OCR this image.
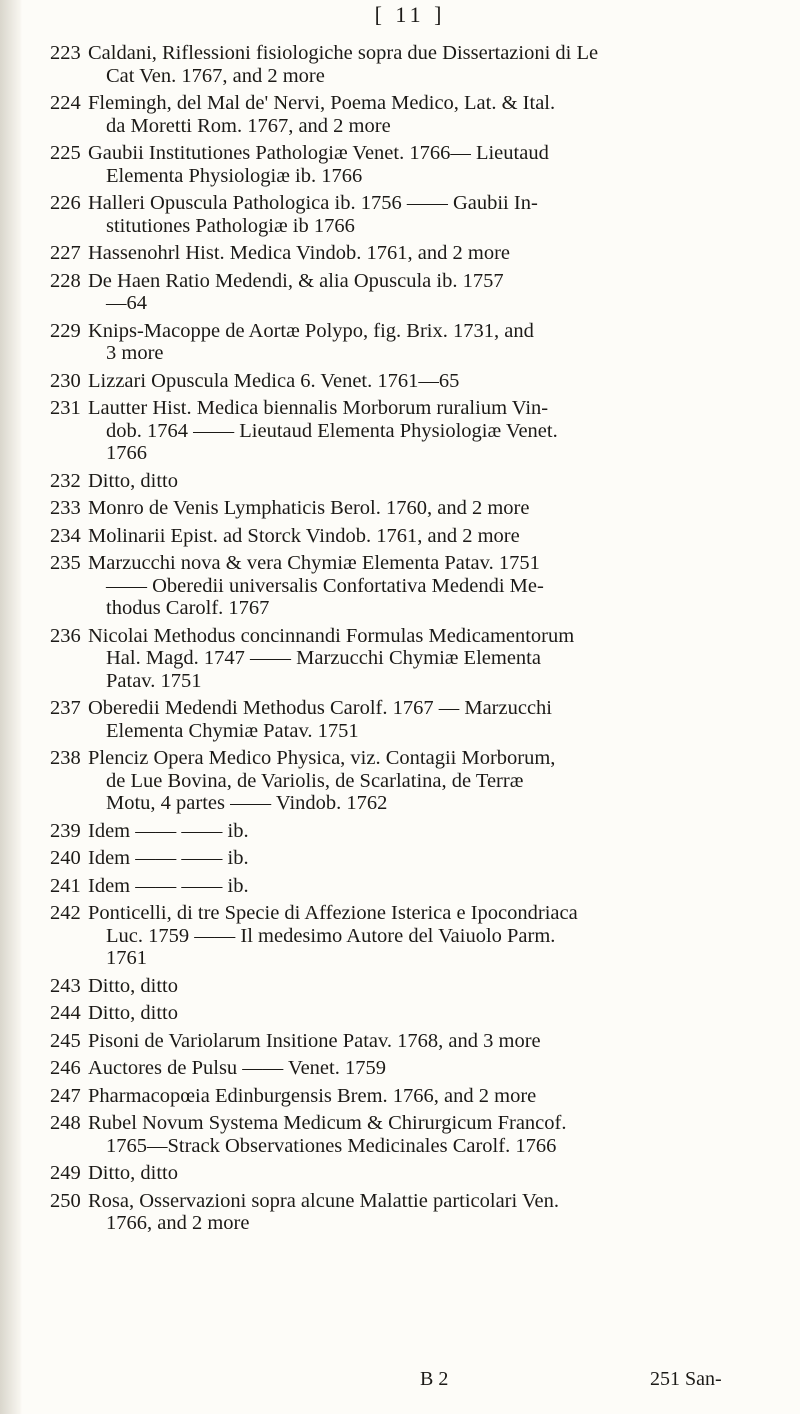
[ 11 ]
223 Caldani, Riflessioni fisiologiche sopra due Dissertazioni di Le
Cat Ven. 1767, and 2 more
224 Flemingh, del Mal de' Nervi, Poema Medico, Lat. & Ital.
da Moretti Rom. 1767, and 2 more
225 Gaubii Institutiones Pathologiæ Venet. 1766— Lieutaud
Elementa Physiologiæ ib. 1766
226 Halleri Opuscula Pathologica ib. 1756 —— Gaubii In-
stitutiones Pathologiæ ib 1766
227 Hassenohrl Hist. Medica Vindob. 1761, and 2 more
228 De Haen Ratio Medendi, & alia Opuscula ib. 1757
—64
229 Knips-Macoppe de Aortæ Polypo, fig. Brix. 1731, and
3 more
230 Lizzari Opuscula Medica 6. Venet. 1761—65
231 Lautter Hist. Medica biennalis Morborum ruralium Vin-
dob. 1764 —— Lieutaud Elementa Physiologiæ Venet.
1766
232 Ditto, ditto
233 Monro de Venis Lymphaticis Berol. 1760, and 2 more
234 Molinarii Epist. ad Storck Vindob. 1761, and 2 more
235 Marzucchi nova & vera Chymiæ Elementa Patav. 1751
—— Oberedii universalis Confortativa Medendi Me-
thodus Carolf. 1767
236 Nicolai Methodus concinnandi Formulas Medicamentorum
Hal. Magd. 1747 —— Marzucchi Chymiæ Elementa
Patav. 1751
237 Oberedii Medendi Methodus Carolf. 1767 — Marzucchi
Elementa Chymiæ Patav. 1751
238 Plenciz Opera Medico Physica, viz. Contagii Morborum,
de Lue Bovina, de Variolis, de Scarlatina, de Terræ
Motu, 4 partes —— Vindob. 1762
239 Idem —— —— ib.
240 Idem —— —— ib.
241 Idem —— —— ib.
242 Ponticelli, di tre Specie di Affezione Isterica e Ipocondriaca
Luc. 1759 —— Il medesimo Autore del Vaiuolo Parm.
1761
243 Ditto, ditto
244 Ditto, ditto
245 Pisoni de Variolarum Insitione Patav. 1768, and 3 more
246 Auctores de Pulsu —— Venet. 1759
247 Pharmacopœia Edinburgensis Brem. 1766, and 2 more
248 Rubel Novum Systema Medicum & Chirurgicum Francof.
1765—Strack Observationes Medicinales Carolf. 1766
249 Ditto, ditto
250 Rosa, Osservazioni sopra alcune Malattie particolari Ven.
1766, and 2 more
B 2	251 San-
